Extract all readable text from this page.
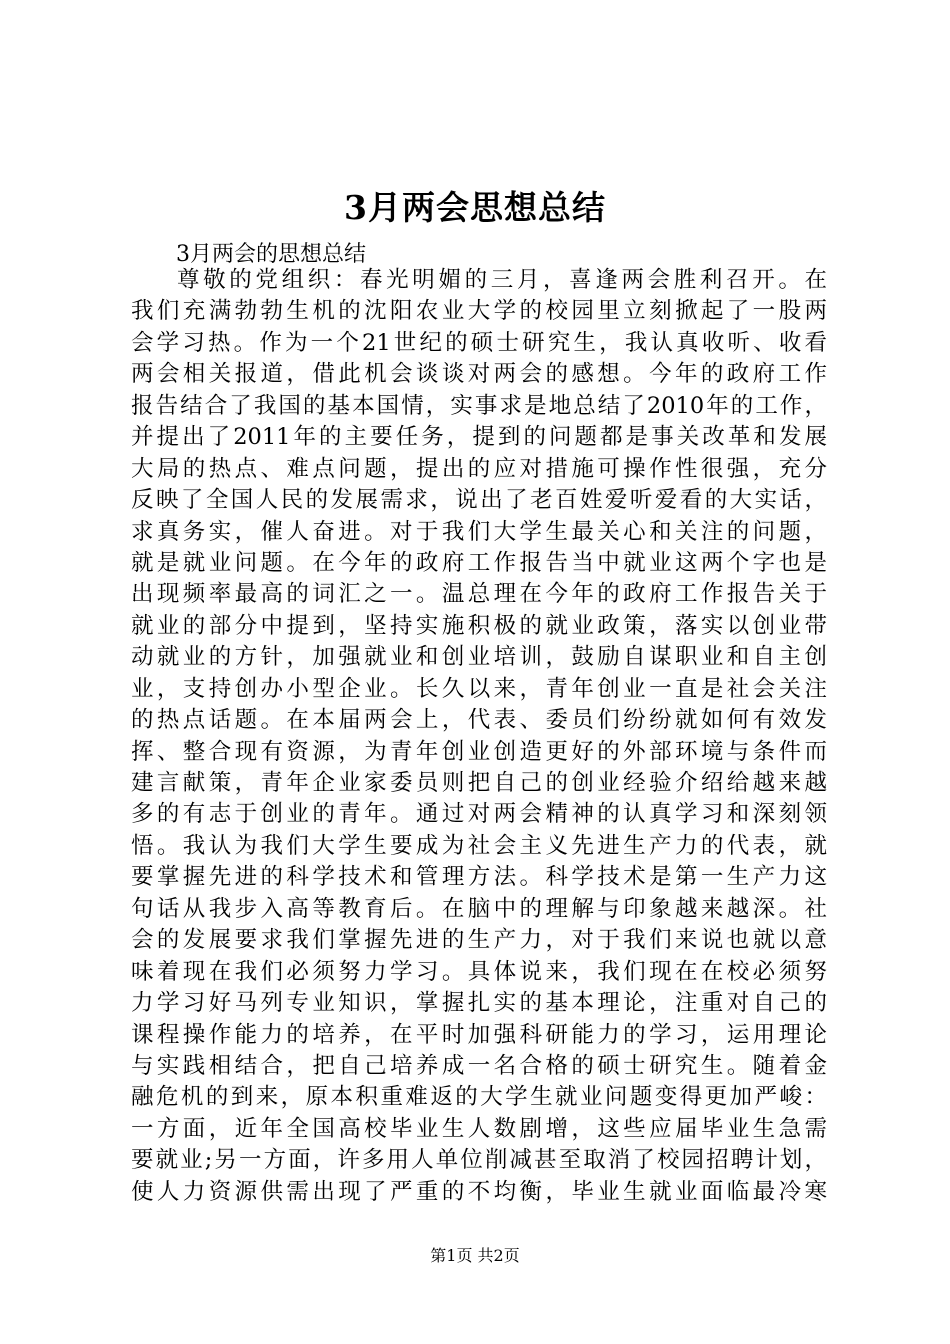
3月两会思想总结
3月两会的思想总结
尊敬的党组织：春光明媚的三月，喜逢两会胜利召开。在
我们充满勃勃生机的沈阳农业大学的校园里立刻掀起了一股两
会学习热。作为一个21世纪的硕士研究生，我认真收听、收看
两会相关报道，借此机会谈谈对两会的感想。今年的政府工作
报告结合了我国的基本国情，实事求是地总结了2010年的工作，
并提出了2011年的主要任务，提到的问题都是事关改革和发展
大局的热点、难点问题，提出的应对措施可操作性很强，充分
反映了全国人民的发展需求，说出了老百姓爱听爱看的大实话，
求真务实，催人奋进。对于我们大学生最关心和关注的问题，
就是就业问题。在今年的政府工作报告当中就业这两个字也是
出现频率最高的词汇之一。温总理在今年的政府工作报告关于
就业的部分中提到，坚持实施积极的就业政策，落实以创业带
动就业的方针，加强就业和创业培训，鼓励自谋职业和自主创
业，支持创办小型企业。长久以来，青年创业一直是社会关注
的热点话题。在本届两会上，代表、委员们纷纷就如何有效发
挥、整合现有资源，为青年创业创造更好的外部环境与条件而
建言献策，青年企业家委员则把自己的创业经验介绍给越来越
多的有志于创业的青年。通过对两会精神的认真学习和深刻领
悟。我认为我们大学生要成为社会主义先进生产力的代表，就
要掌握先进的科学技术和管理方法。科学技术是第一生产力这
句话从我步入高等教育后。在脑中的理解与印象越来越深。社
会的发展要求我们掌握先进的生产力，对于我们来说也就以意
味着现在我们必须努力学习。具体说来，我们现在在校必须努
力学习好马列专业知识，掌握扎实的基本理论，注重对自己的
课程操作能力的培养，在平时加强科研能力的学习，运用理论
与实践相结合，把自己培养成一名合格的硕士研究生。随着金
融危机的到来，原本积重难返的大学生就业问题变得更加严峻：
一方面，近年全国高校毕业生人数剧增，这些应届毕业生急需
要就业;另一方面，许多用人单位削减甚至取消了校园招聘计划，
使人力资源供需出现了严重的不均衡，毕业生就业面临最冷寒
第1页 共2页
